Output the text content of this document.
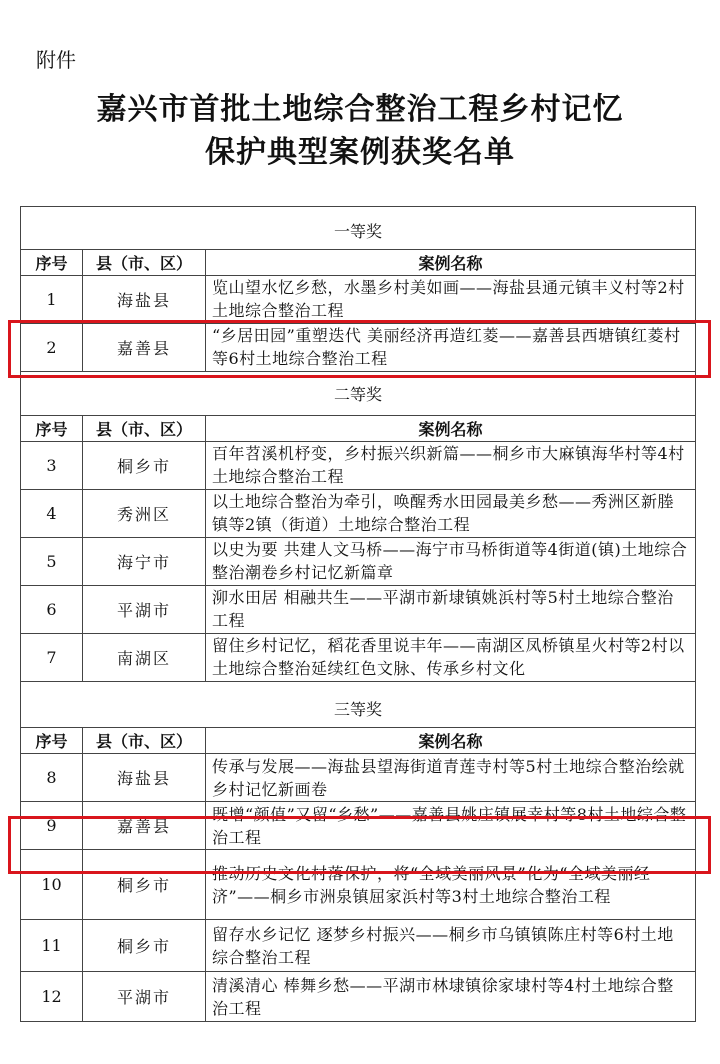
附件
嘉兴市首批土地综合整治工程乡村记忆
保护典型案例获奖名单

一等奖		
序号	县（市、区）	案例名称
1	海盐县	览山望水忆乡愁，水墨乡村美如画——海盐县通元镇丰义村等2村土地综合整治工程
2	嘉善县	“乡居田园”重塑迭代 美丽经济再造红菱——嘉善县西塘镇红菱村等6村土地综合整治工程
二等奖		
序号	县（市、区）	案例名称
3	桐乡市	百年苕溪机杼变，乡村振兴织新篇——桐乡市大麻镇海华村等4村土地综合整治工程
4	秀洲区	以土地综合整治为牵引，唤醒秀水田园最美乡愁——秀洲区新塍镇等2镇（街道）土地综合整治工程
5	海宁市	以史为要 共建人文马桥——海宁市马桥街道等4街道(镇)土地综合整治潮卷乡村记忆新篇章
6	平湖市	泖水田居 相融共生——平湖市新埭镇姚浜村等5村土地综合整治工程
7	南湖区	留住乡村记忆，稻花香里说丰年——南湖区凤桥镇星火村等2村以土地综合整治延续红色文脉、传承乡村文化

三等奖		
序号	县（市、区）	案例名称
8	海盐县	传承与发展——海盐县望海街道青莲寺村等5村土地综合整治绘就乡村记忆新画卷
9	嘉善县	既增“颜值”又留“乡愁”——嘉善县姚庄镇展幸村等8村土地综合整治工程
10	桐乡市	推动历史文化村落保护，将“全域美丽风景”化为“全域美丽经济”——桐乡市洲泉镇屈家浜村等3村土地综合整治工程
11	桐乡市	留存水乡记忆 逐梦乡村振兴——桐乡市乌镇镇陈庄村等6村土地综合整治工程
12	平湖市	清溪清心 棒舞乡愁——平湖市林埭镇徐家埭村等4村土地综合整治工程
